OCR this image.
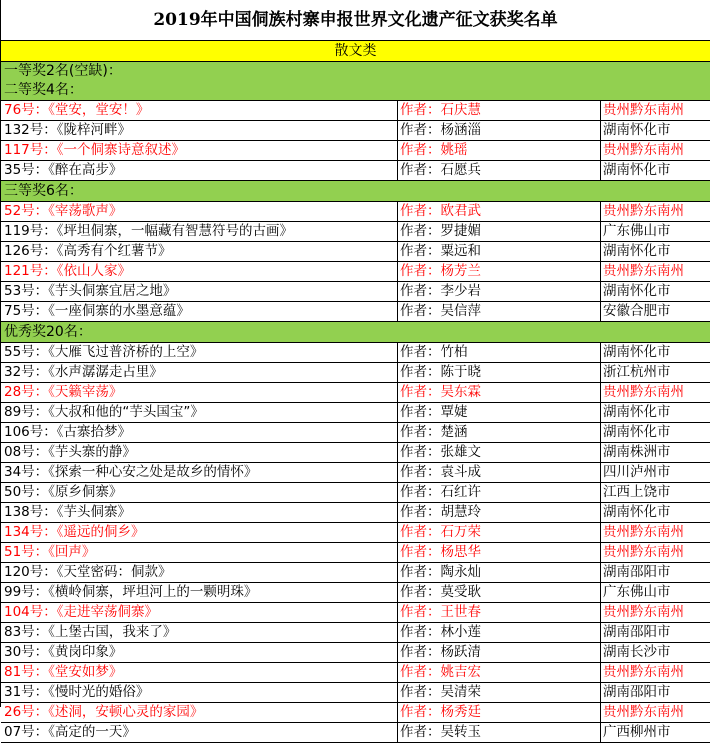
2019年中国侗族村寨申报世界文化遗产征文获奖名单
散文类
一等奖2名(空缺)：
二等奖4名：
76号：《堂安，堂安！》	作者：石庆慧	贵州黔东南州
132号：《陇梓河畔》	作者：杨涵淄	湖南怀化市
117号：《一个侗寨诗意叙述》	作者：姚瑶	贵州黔东南州
35号：《醉在高步》	作者：石愿兵	湖南怀化市
三等奖6名：
52号：《宰荡歌声》	作者：欧君武	贵州黔东南州
119号：《坪坦侗寨，一幅藏有智慧符号的古画》	作者：罗捷媚	广东佛山市
126号：《高秀有个红薯节》	作者：粟远和	湖南怀化市
121号：《依山人家》	作者：杨芳兰	贵州黔东南州
53号：《芋头侗寨宜居之地》	作者：李少岩	湖南怀化市
75号：《一座侗寨的水墨意蕴》	作者：吴信萍	安徽合肥市
优秀奖20名：
55号：《大雁飞过普济桥的上空》	作者：竹柏	湖南怀化市
32号：《水声潺潺走占里》	作者：陈于晓	浙江杭州市
28号：《天籁宰荡》	作者：吴东霖	贵州黔东南州
89号：《大叔和他的“芋头国宝”》	作者：覃婕	湖南怀化市
106号：《古寨拾梦》	作者：楚涵	湖南怀化市
08号：《芋头寨的静》	作者：张雄文	湖南株洲市
34号：《探索一种心安之处是故乡的情怀》	作者：袁斗成	四川泸州市
50号：《原乡侗寨》	作者：石红许	江西上饶市
138号：《芋头侗寨》	作者：胡慧玲	湖南怀化市
134号：《遥远的侗乡》	作者：石万荣	贵州黔东南州
51号：《回声》	作者：杨思华	贵州黔东南州
120号：《天堂密码：侗款》	作者：陶永灿	湖南邵阳市
99号：《横岭侗寨，坪坦河上的一颗明珠》	作者：莫受耿	广东佛山市
104号：《走进宰荡侗寨》	作者：王世春	贵州黔东南州
83号：《上堡古国，我来了》	作者：林小莲	湖南邵阳市
30号：《黄岗印象》	作者：杨跃清	湖南长沙市
81号：《堂安如梦》	作者：姚吉宏	贵州黔东南州
31号：《慢时光的婚俗》	作者：吴清荣	湖南邵阳市
26号：《述洞，安顿心灵的家园》	作者：杨秀廷	贵州黔东南州
07号：《高定的一天》	作者：吴转玉	广西柳州市
